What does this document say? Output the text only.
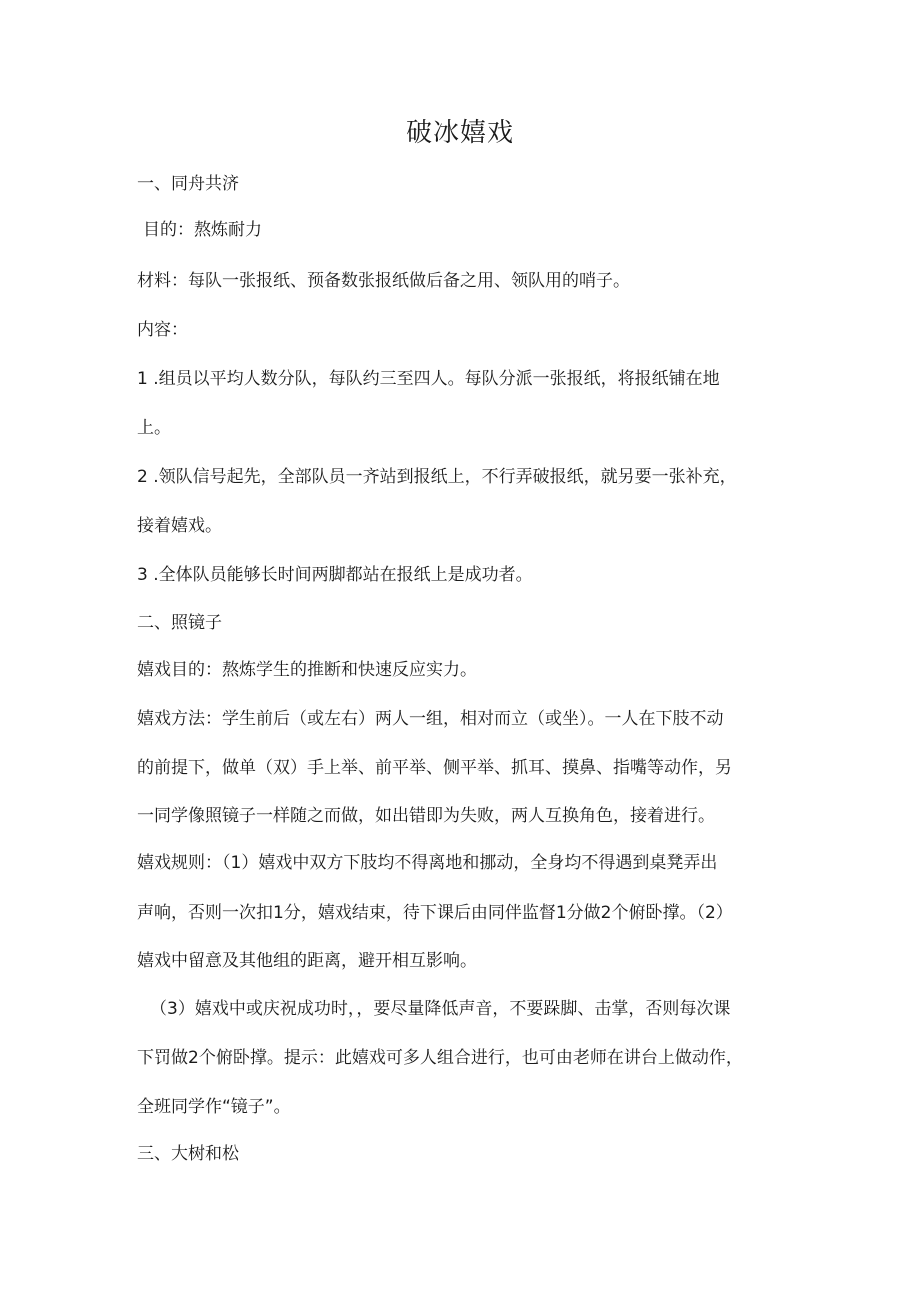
破冰嬉戏
一、同舟共济
目的：熬炼耐力
材料：每队一张报纸、预备数张报纸做后备之用、领队用的哨子。
内容：
1 .组员以平均人数分队，每队约三至四人。每队分派一张报纸，将报纸铺在地
上。
2 .领队信号起先，全部队员一齐站到报纸上，不行弄破报纸，就另要一张补充，
接着嬉戏。
3 .全体队员能够长时间两脚都站在报纸上是成功者。
二、照镜子
嬉戏目的：熬炼学生的推断和快速反应实力。
嬉戏方法：学生前后（或左右）两人一组，相对而立（或坐）。一人在下肢不动
的前提下，做单（双）手上举、前平举、侧平举、抓耳、摸鼻、指嘴等动作，另
一同学像照镜子一样随之而做，如出错即为失败，两人互换角色，接着进行。
嬉戏规则：（1）嬉戏中双方下肢均不得离地和挪动，全身均不得遇到桌凳弄出
声响，否则一次扣1分，嬉戏结束，待下课后由同伴监督1分做2个俯卧撑。（2）
嬉戏中留意及其他组的距离，避开相互影响。
（3）嬉戏中或庆祝成功时，，要尽量降低声音，不要跺脚、击掌，否则每次课
下罚做2个俯卧撑。提示：此嬉戏可多人组合进行，也可由老师在讲台上做动作，
全班同学作“镜子”。
三、大树和松
